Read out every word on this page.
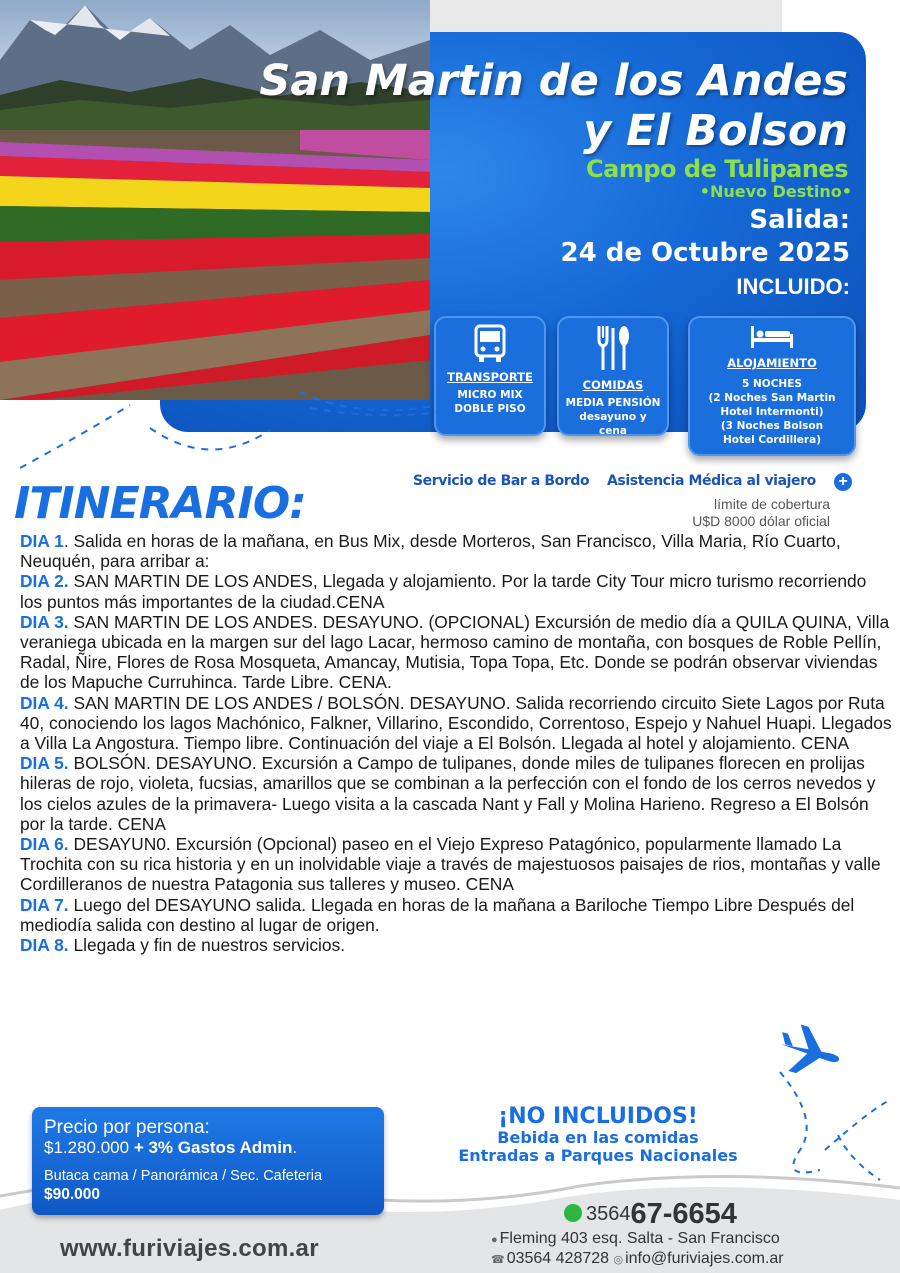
San Martin de los Andes
y El Bolson
Campo de Tulipanes
•Nuevo Destino•
Salida:
24 de Octubre 2025
INCLUIDO:
TRANSPORTE
MICRO MIX
DOBLE PISO
COMIDAS
MEDIA PENSIÓN
desayuno y
cena
ALOJAMIENTO
5 NOCHES
(2 Noches San Martin
Hotel Intermonti)
(3 Noches Bolson
Hotel Cordillera)
Servicio de Bar a Bordo Asistencia Médica al viajero +
límite de cobertura
U$D 8000 dólar oficial
ITINERARIO:

DIA 1. Salida en horas de la mañana, en Bus Mix, desde Morteros, San Francisco, Villa Maria, Río Cuarto, Neuquén, para arribar a:

DIA 2. SAN MARTIN DE LOS ANDES, Llegada y alojamiento. Por la tarde City Tour micro turismo recorriendo los puntos más importantes de la ciudad.CENA

DIA 3. SAN MARTIN DE LOS ANDES. DESAYUNO. (OPCIONAL) Excursión de medio día a QUILA QUINA, Villa veraniega ubicada en la margen sur del lago Lacar, hermoso camino de montaña, con bosques de Roble Pellín, Radal, Ñire, Flores de Rosa Mosqueta, Amancay, Mutisia, Topa Topa, Etc. Donde se podrán observar viviendas de los Mapuche Curruhinca. Tarde Libre. CENA.

DIA 4. SAN MARTIN DE LOS ANDES / BOLSÓN. DESAYUNO. Salida recorriendo circuito Siete Lagos por Ruta 40, conociendo los lagos Machónico, Falkner, Villarino, Escondido, Correntoso, Espejo y Nahuel Huapi. Llegados a Villa La Angostura. Tiempo libre. Continuación del viaje a El Bolsón. Llegada al hotel y alojamiento. CENA

DIA 5. BOLSÓN. DESAYUNO. Excursión a Campo de tulipanes, donde miles de tulipanes florecen en prolijas hileras de rojo, violeta, fucsias, amarillos que se combinan a la perfección con el fondo de los cerros nevedos y los cielos azules de la primavera- Luego visita a la cascada Nant y Fall y Molina Harieno. Regreso a El Bolsón por la tarde. CENA

DIA 6. DESAYUN0. Excursión (Opcional) paseo en el Viejo Expreso Patagónico, popularmente llamado La Trochita con su rica historia y en un inolvidable viaje a través de majestuosos paisajes de rios, montañas y valle Cordilleranos de nuestra Patagonia sus talleres y museo. CENA

DIA 7. Luego del DESAYUNO salida. Llegada en horas de la mañana a Bariloche Tiempo Libre Después del mediodía salida con destino al lugar de origen.

DIA 8. Llegada y fin de nuestros servicios.

Precio por persona:
$1.280.000 + 3% Gastos Admin.
Butaca cama / Panorámica / Sec. Cafeteria
$90.000
¡NO INCLUIDOS!
Bebida en las comidas
Entradas a Parques Nacionales
356467-6654
● Fleming 403 esq. Salta - San Francisco
☎ 03564 428728 ◎ info@furiviajes.com.ar
www.furiviajes.com.ar
